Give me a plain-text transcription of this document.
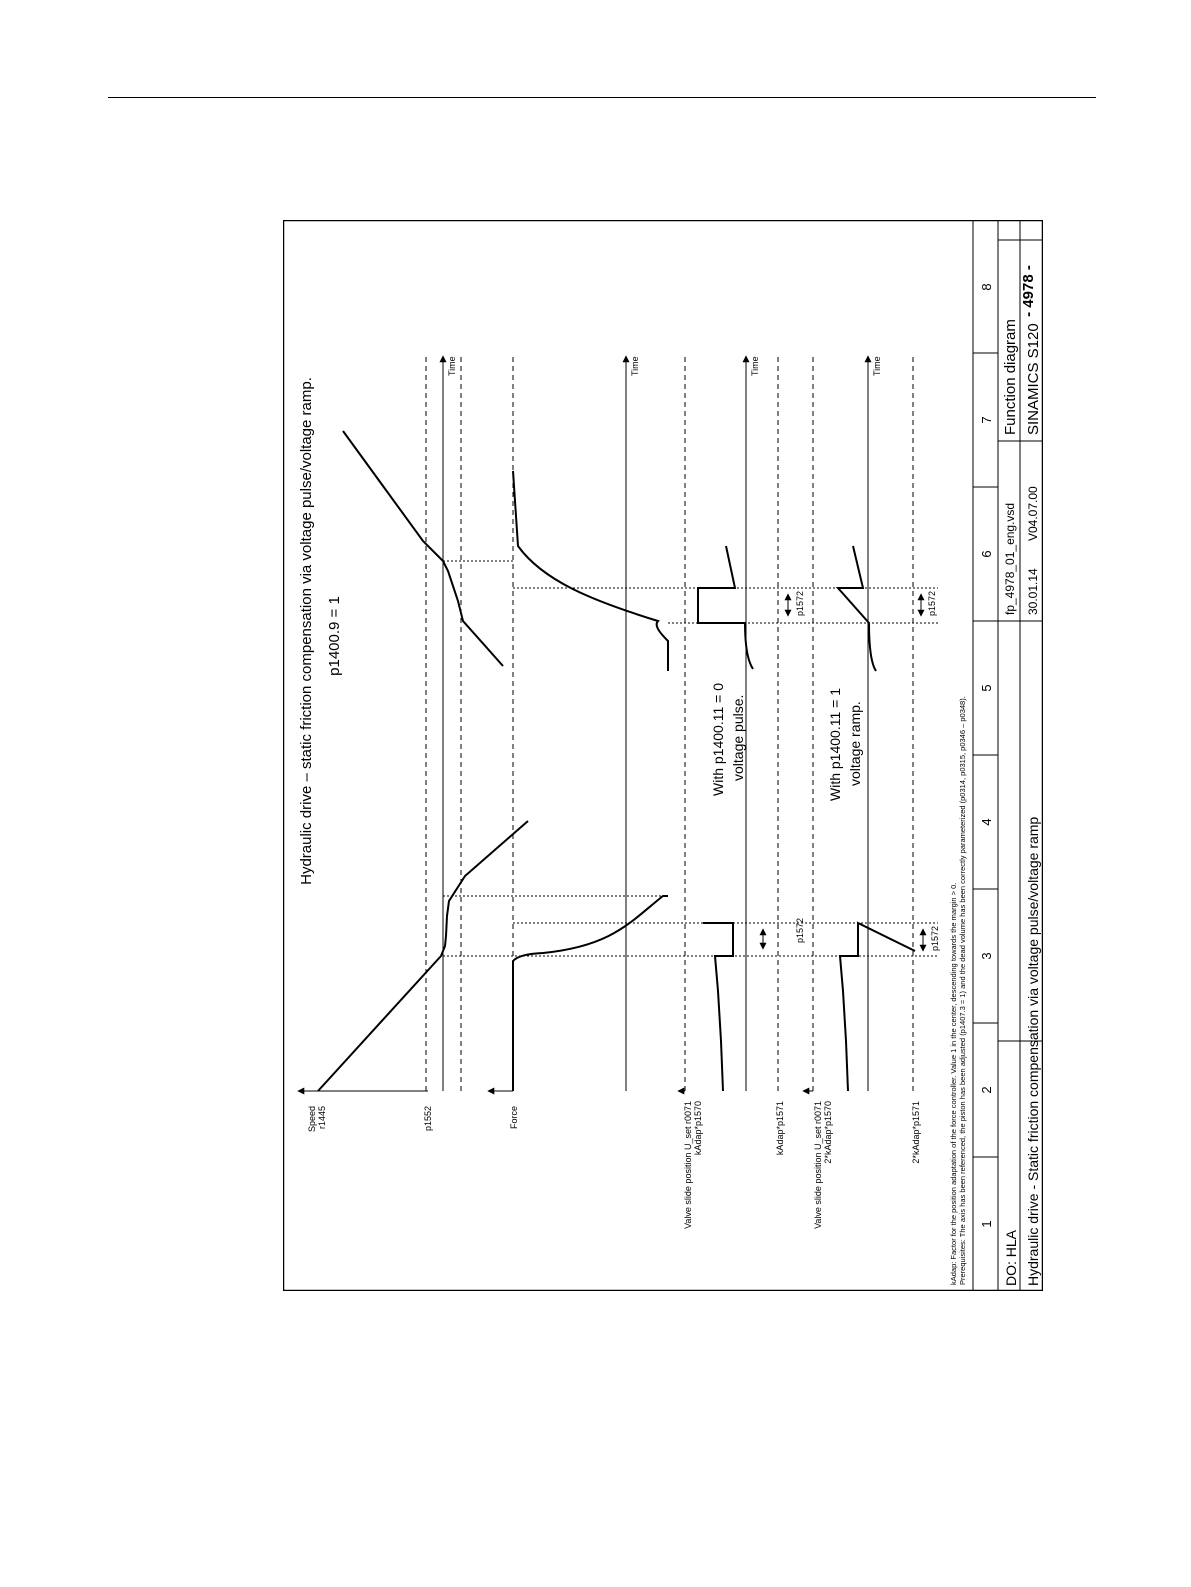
1
2
3
4
5
6
7
8
DO: HLA Hydraulic drive - Static friction compensation via voltage pulse/voltage ramp
fp_4978_01_eng.vsd 30.01.14
V04.07.00
Function diagram SINAMICS S120
- 4978 -
kAdap: Factor for the position adaptation of the force controller. Value 1 in the center, descending towards the margin > 0. Prerequisites: The axis has been referenced, the piston has been adjusted (p1407.3 = 1) and the dead volume has been correctly parameterized (p0314, p0315, p0346 – p0348).
Hydraulic drive – static friction compensation via voltage pulse/voltage ramp. p1400.9 = 1
Speed r1445	p1552
Time
Force
Time
Valve slide position U_set r0071 kAdap*p1570	kAdap*p1571
Time
With p1400.11 = 0 voltage pulse.
p1572
p1572
Valve slide position U_set r0071 2*kAdap*p1570	2*kAdap*p1571
Time
With p1400.11 = 1 voltage ramp.
p1572
p1572
